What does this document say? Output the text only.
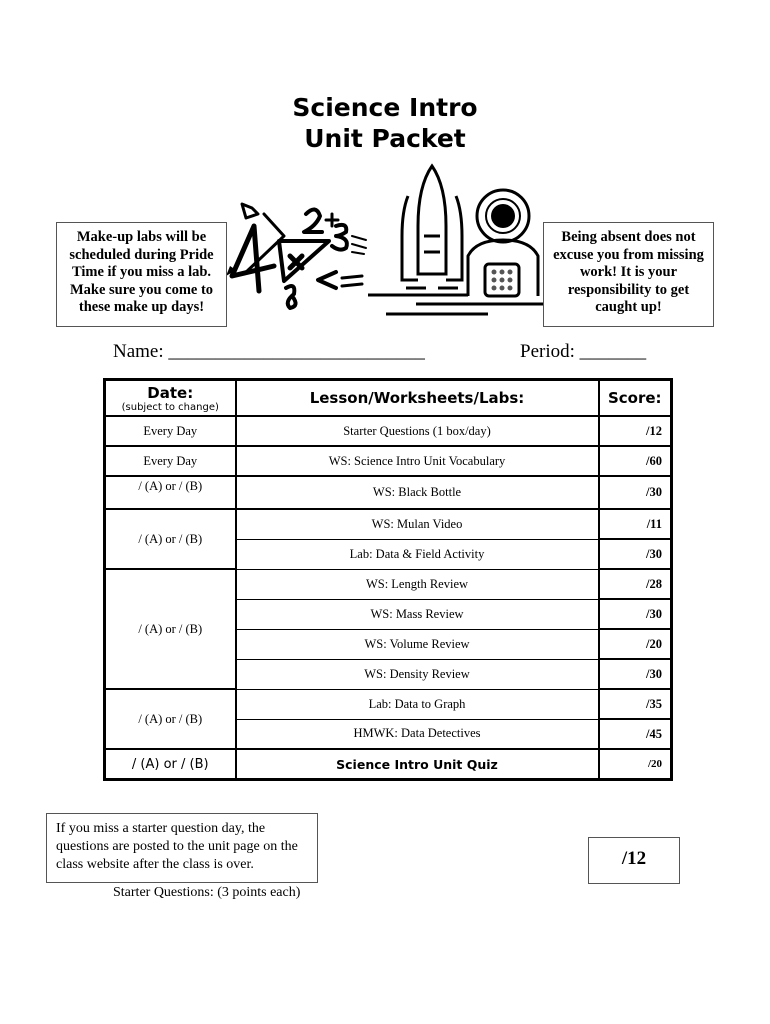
Science Intro
Unit Packet
Make-up labs will be scheduled during Pride Time if you miss a lab. Make sure you come to these make up days!
Being absent does not excuse you from missing work! It is your responsibility to get caught up!
Name: ___________________________	Period: _______
Date:
(subject to change)	Lesson/Worksheets/Labs:	Score:
Every Day	Starter Questions (1 box/day)	/12
Every Day	WS: Science Intro Unit Vocabulary	/60
/ (A) or / (B)	WS: Black Bottle	/30
/ (A) or / (B)	WS: Mulan Video	/11
	Lab: Data & Field Activity	/30
/ (A) or / (B)	WS: Length Review	/28
	WS: Mass Review	/30
	WS: Volume Review	/20
	WS: Density Review	/30
/ (A) or / (B)	Lab: Data to Graph	/35
	HMWK: Data Detectives	/45
/ (A) or / (B)	Science Intro Unit Quiz	/20
If you miss a starter question day, the questions are posted to the unit page on the class website after the class is over.	/12
Starter Questions: (3 points each)
